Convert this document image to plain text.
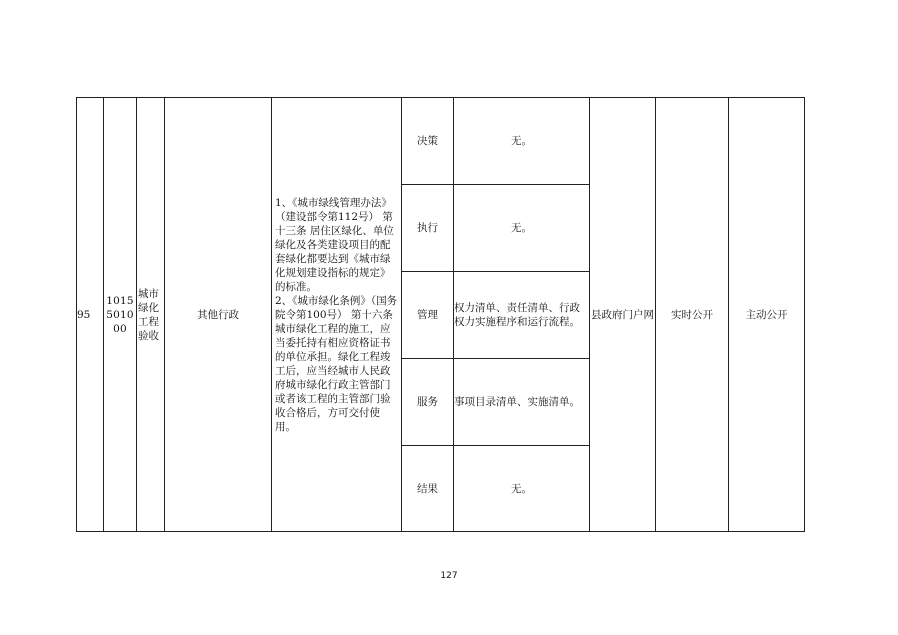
95	1015501000	城市绿化工程验收	其他行政	1、《城市绿线管理办法》（建设部令第112号） 第十三条 居住区绿化、单位绿化及各类建设项目的配套绿化都要达到《城市绿化规划建设指标的规定》的标准。
2、《城市绿化条例》（国务院令第100号） 第十六条 城市绿化工程的施工，应当委托持有相应资格证书的单位承担。绿化工程竣工后，应当经城市人民政府城市绿化行政主管部门或者该工程的主管部门验收合格后，方可交付使用。	决策	无。	县政府门户网	实时公开	主动公开
					执行	无。			
					管理	权力清单、责任清单、行政权力实施程序和运行流程。			
					服务	事项目录清单、实施清单。			
					结果	无。			
127
